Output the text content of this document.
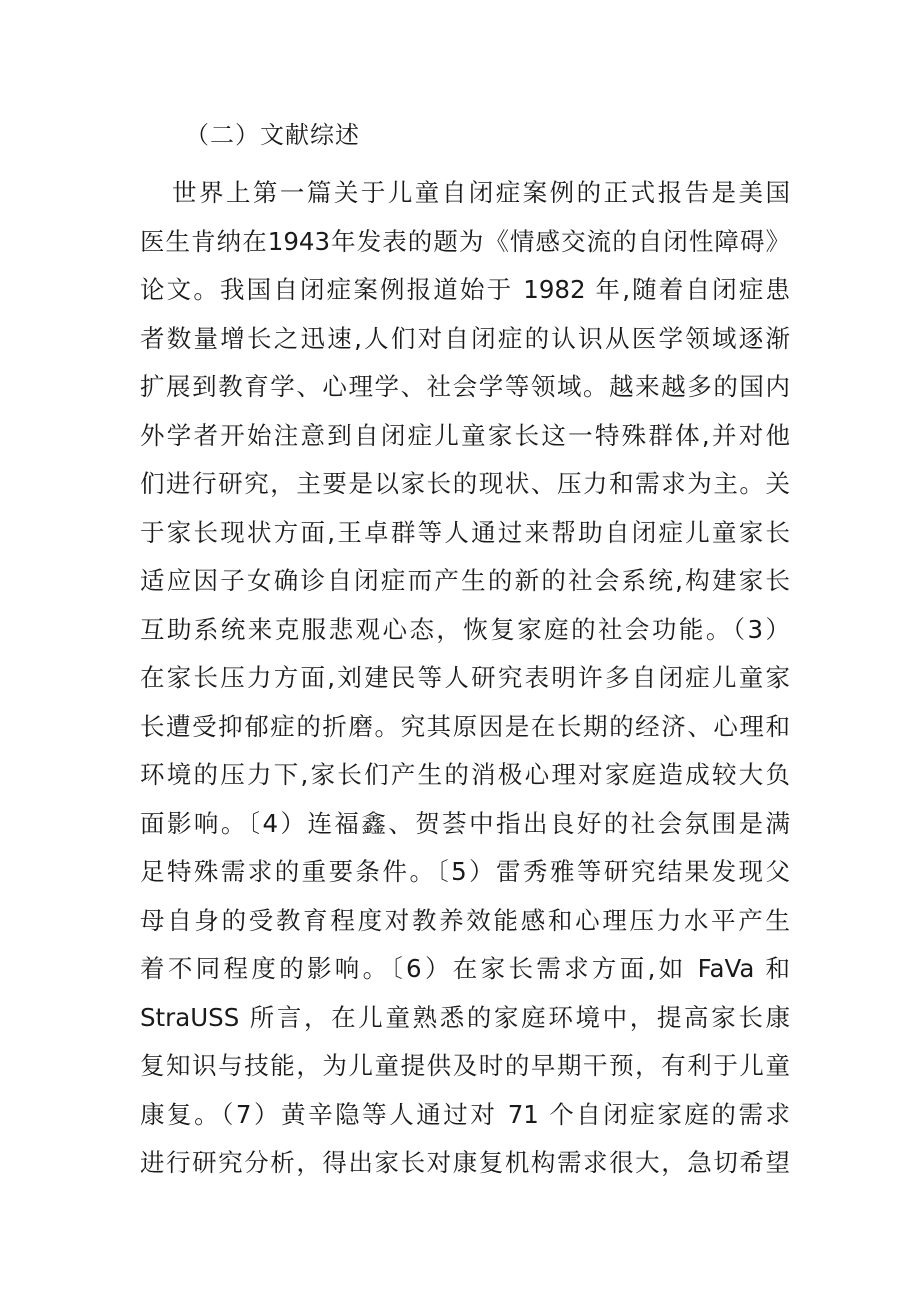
（二）文献综述
世界上第一篇关于儿童自闭症案例的正式报告是美国
医生肯纳在1943年发表的题为《情感交流的自闭性障碍》
论文。我国自闭症案例报道始于 1982 年,随着自闭症患
者数量增长之迅速,人们对自闭症的认识从医学领域逐渐
扩展到教育学、心理学、社会学等领域。越来越多的国内
外学者开始注意到自闭症儿童家长这一特殊群体,并对他
们进行研究，主要是以家长的现状、压力和需求为主。关
于家长现状方面,王卓群等人通过来帮助自闭症儿童家长
适应因子女确诊自闭症而产生的新的社会系统,构建家长
互助系统来克服悲观心态，恢复家庭的社会功能。（3）
在家长压力方面,刘建民等人研究表明许多自闭症儿童家
长遭受抑郁症的折磨。究其原因是在长期的经济、心理和
环境的压力下,家长们产生的消极心理对家庭造成较大负
面影响。〔4）连福鑫、贺荟中指出良好的社会氛围是满
足特殊需求的重要条件。〔5）雷秀雅等研究结果发现父
母自身的受教育程度对教养效能感和心理压力水平产生
着不同程度的影响。〔6）在家长需求方面,如 FaVa 和
StraUSS 所言，在儿童熟悉的家庭环境中，提高家长康
复知识与技能，为儿童提供及时的早期干预，有利于儿童
康复。（7）黄辛隐等人通过对 71 个自闭症家庭的需求
进行研究分析，得出家长对康复机构需求很大，急切希望
